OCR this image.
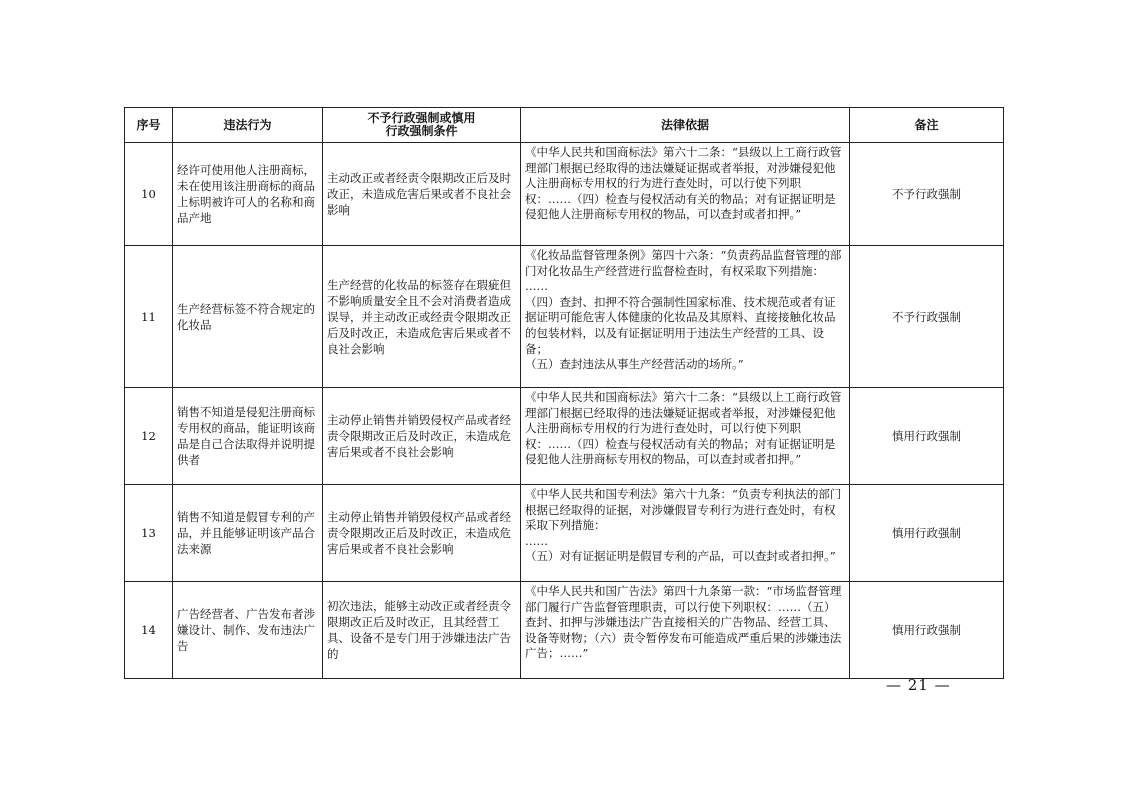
序号	违法行为	不予行政强制或慎用
行政强制条件	法律依据	备注
10	经许可使用他人注册商标，未在使用该注册商标的商品上标明被许可人的名称和商品产地	主动改正或者经责令限期改正后及时改正，未造成危害后果或者不良社会影响	《中华人民共和国商标法》第六十二条：“县级以上工商行政管理部门根据已经取得的违法嫌疑证据或者举报，对涉嫌侵犯他人注册商标专用权的行为进行查处时，可以行使下列职权：……（四）检查与侵权活动有关的物品；对有证据证明是侵犯他人注册商标专用权的物品，可以查封或者扣押。”	不予行政强制
11	生产经营标签不符合规定的化妆品	生产经营的化妆品的标签存在瑕疵但不影响质量安全且不会对消费者造成误导，并主动改正或经责令限期改正后及时改正，未造成危害后果或者不良社会影响	《化妆品监督管理条例》第四十六条：“负责药品监督管理的部门对化妆品生产经营进行监督检查时，有权采取下列措施：
……
（四）查封、扣押不符合强制性国家标准、技术规范或者有证据证明可能危害人体健康的化妆品及其原料、直接接触化妆品的包装材料，以及有证据证明用于违法生产经营的工具、设备；
（五）查封违法从事生产经营活动的场所。”	不予行政强制
12	销售不知道是侵犯注册商标专用权的商品，能证明该商品是自己合法取得并说明提供者	主动停止销售并销毁侵权产品或者经责令限期改正后及时改正，未造成危害后果或者不良社会影响	《中华人民共和国商标法》第六十二条：“县级以上工商行政管理部门根据已经取得的违法嫌疑证据或者举报，对涉嫌侵犯他人注册商标专用权的行为进行查处时，可以行使下列职权：……（四）检查与侵权活动有关的物品；对有证据证明是侵犯他人注册商标专用权的物品，可以查封或者扣押。”	慎用行政强制
13	销售不知道是假冒专利的产品，并且能够证明该产品合法来源	主动停止销售并销毁侵权产品或者经责令限期改正后及时改正，未造成危害后果或者不良社会影响	《中华人民共和国专利法》第六十九条：“负责专利执法的部门根据已经取得的证据，对涉嫌假冒专利行为进行查处时，有权采取下列措施：
……
（五）对有证据证明是假冒专利的产品，可以查封或者扣押。”	慎用行政强制
14	广告经营者、广告发布者涉嫌设计、制作、发布违法广告	初次违法，能够主动改正或者经责令限期改正后及时改正，且其经营工具、设备不是专门用于涉嫌违法广告的	《中华人民共和国广告法》第四十九条第一款：“市场监督管理部门履行广告监督管理职责，可以行使下列职权：……（五）查封、扣押与涉嫌违法广告直接相关的广告物品、经营工具、设备等财物；（六）责令暂停发布可能造成严重后果的涉嫌违法广告；……”	慎用行政强制
— 21 —
